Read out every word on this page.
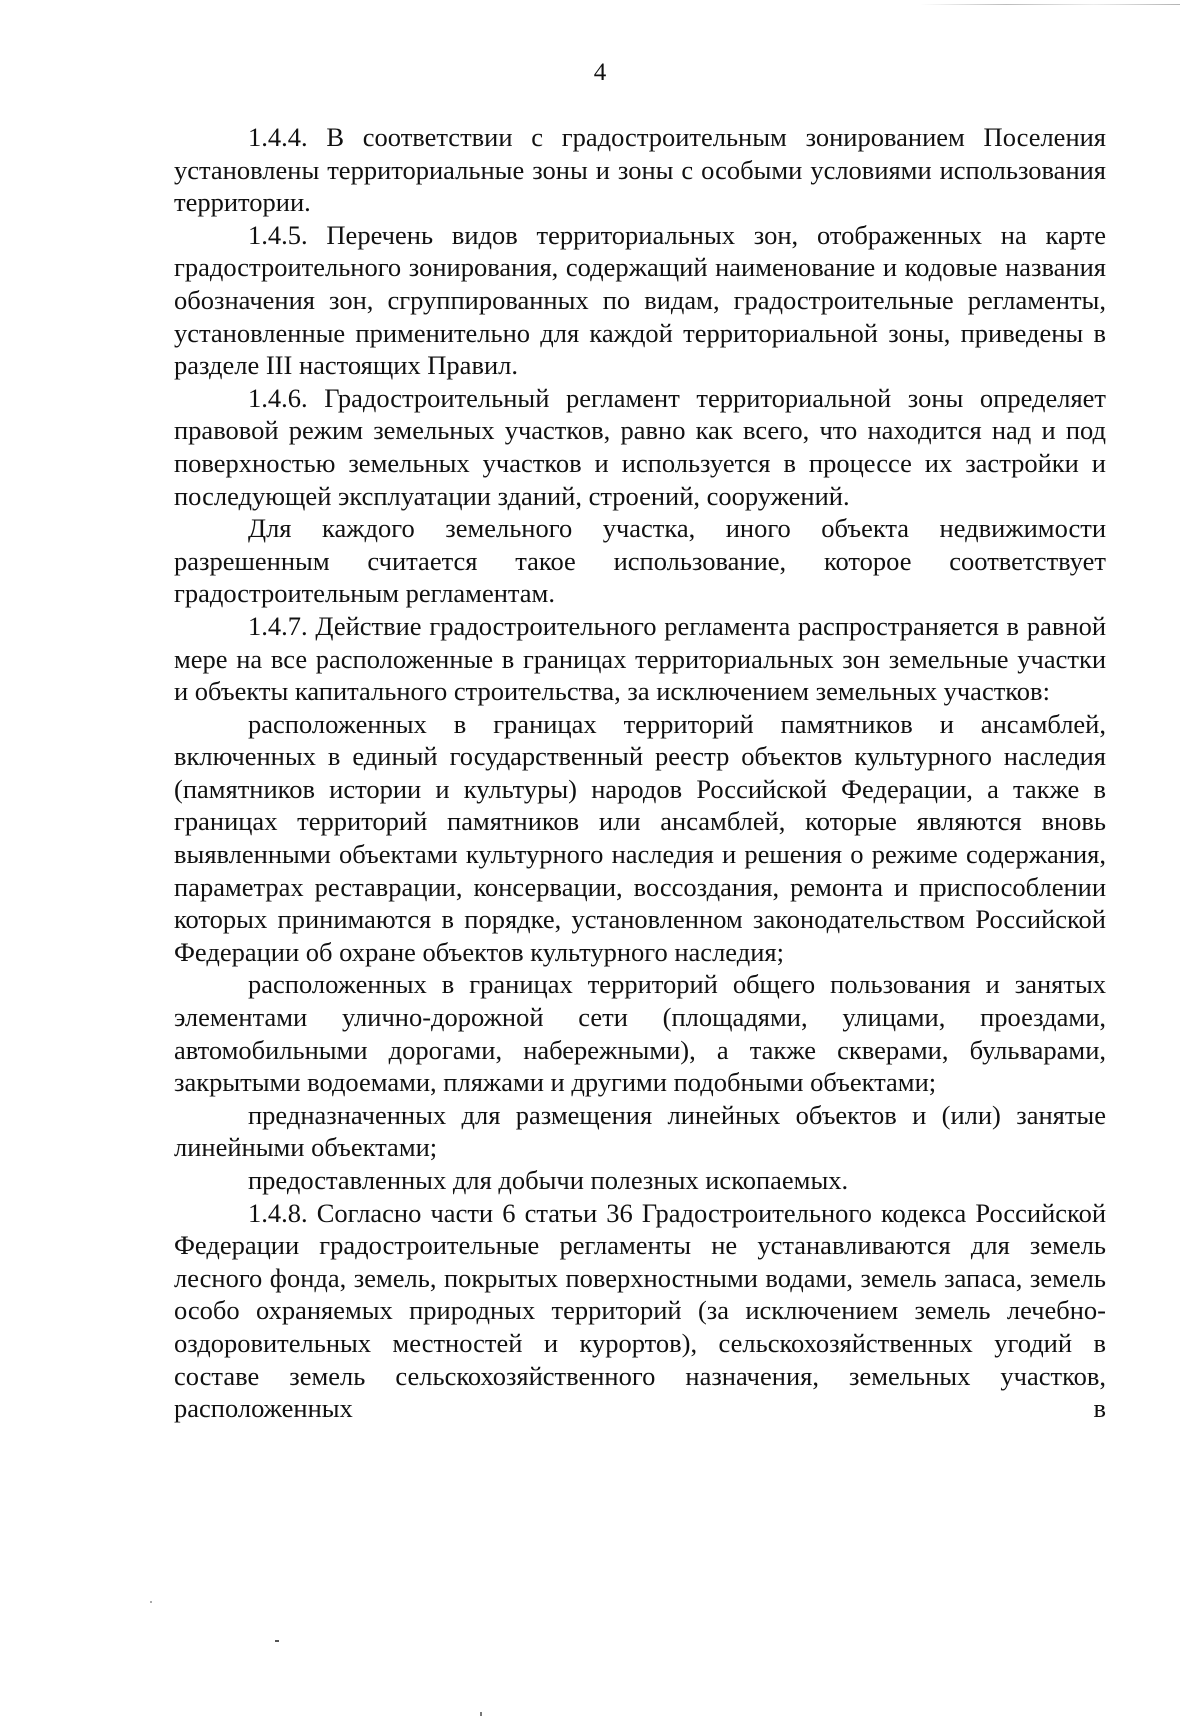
4

1.4.4. В соответствии с градостроительным зонированием Поселения установлены территориальные зоны и зоны с особыми условиями использования территории.

1.4.5. Перечень видов территориальных зон, отображенных на карте градостроительного зонирования, содержащий наименование и кодовые названия обозначения зон, сгруппированных по видам, градостроительные регламенты, установленные применительно для каждой территориальной зоны, приведены в разделе III настоящих Правил.

1.4.6. Градостроительный регламент территориальной зоны определяет правовой режим земельных участков, равно как всего, что находится над и под поверхностью земельных участков и используется в процессе их застройки и последующей эксплуатации зданий, строений, сооружений.

Для каждого земельного участка, иного объекта недвижимости разрешенным считается такое использование, которое соответствует градостроительным регламентам.

1.4.7. Действие градостроительного регламента распространяется в равной мере на все расположенные в границах территориальных зон земельные участки и объекты капитального строительства, за исключением земельных участков:

расположенных в границах территорий памятников и ансамблей, включенных в единый государственный реестр объектов культурного наследия (памятников истории и культуры) народов Российской Федерации, а также в границах территорий памятников или ансамблей, которые являются вновь выявленными объектами культурного наследия и решения о режиме содержания, параметрах реставрации, консервации, воссоздания, ремонта и приспособлении которых принимаются в порядке, установленном законодательством Российской Федерации об охране объектов культурного наследия;

расположенных в границах территорий общего пользования и занятых элементами улично-дорожной сети (площадями, улицами, проездами, автомобильными дорогами, набережными), а также скверами, бульварами, закрытыми водоемами, пляжами и другими подобными объектами;

предназначенных для размещения линейных объектов и (или) занятые линейными объектами;

предоставленных для добычи полезных ископаемых.

1.4.8. Согласно части 6 статьи 36 Градостроительного кодекса Российской Федерации градостроительные регламенты не устанавливаются для земель лесного фонда, земель, покрытых поверхностными водами, земель запаса, земель особо охраняемых природных территорий (за исключением земель лечебно-оздоровительных местностей и курортов), сельскохозяйственных угодий в составе земель сельскохозяйственного назначения, земельных участков, расположенных в
